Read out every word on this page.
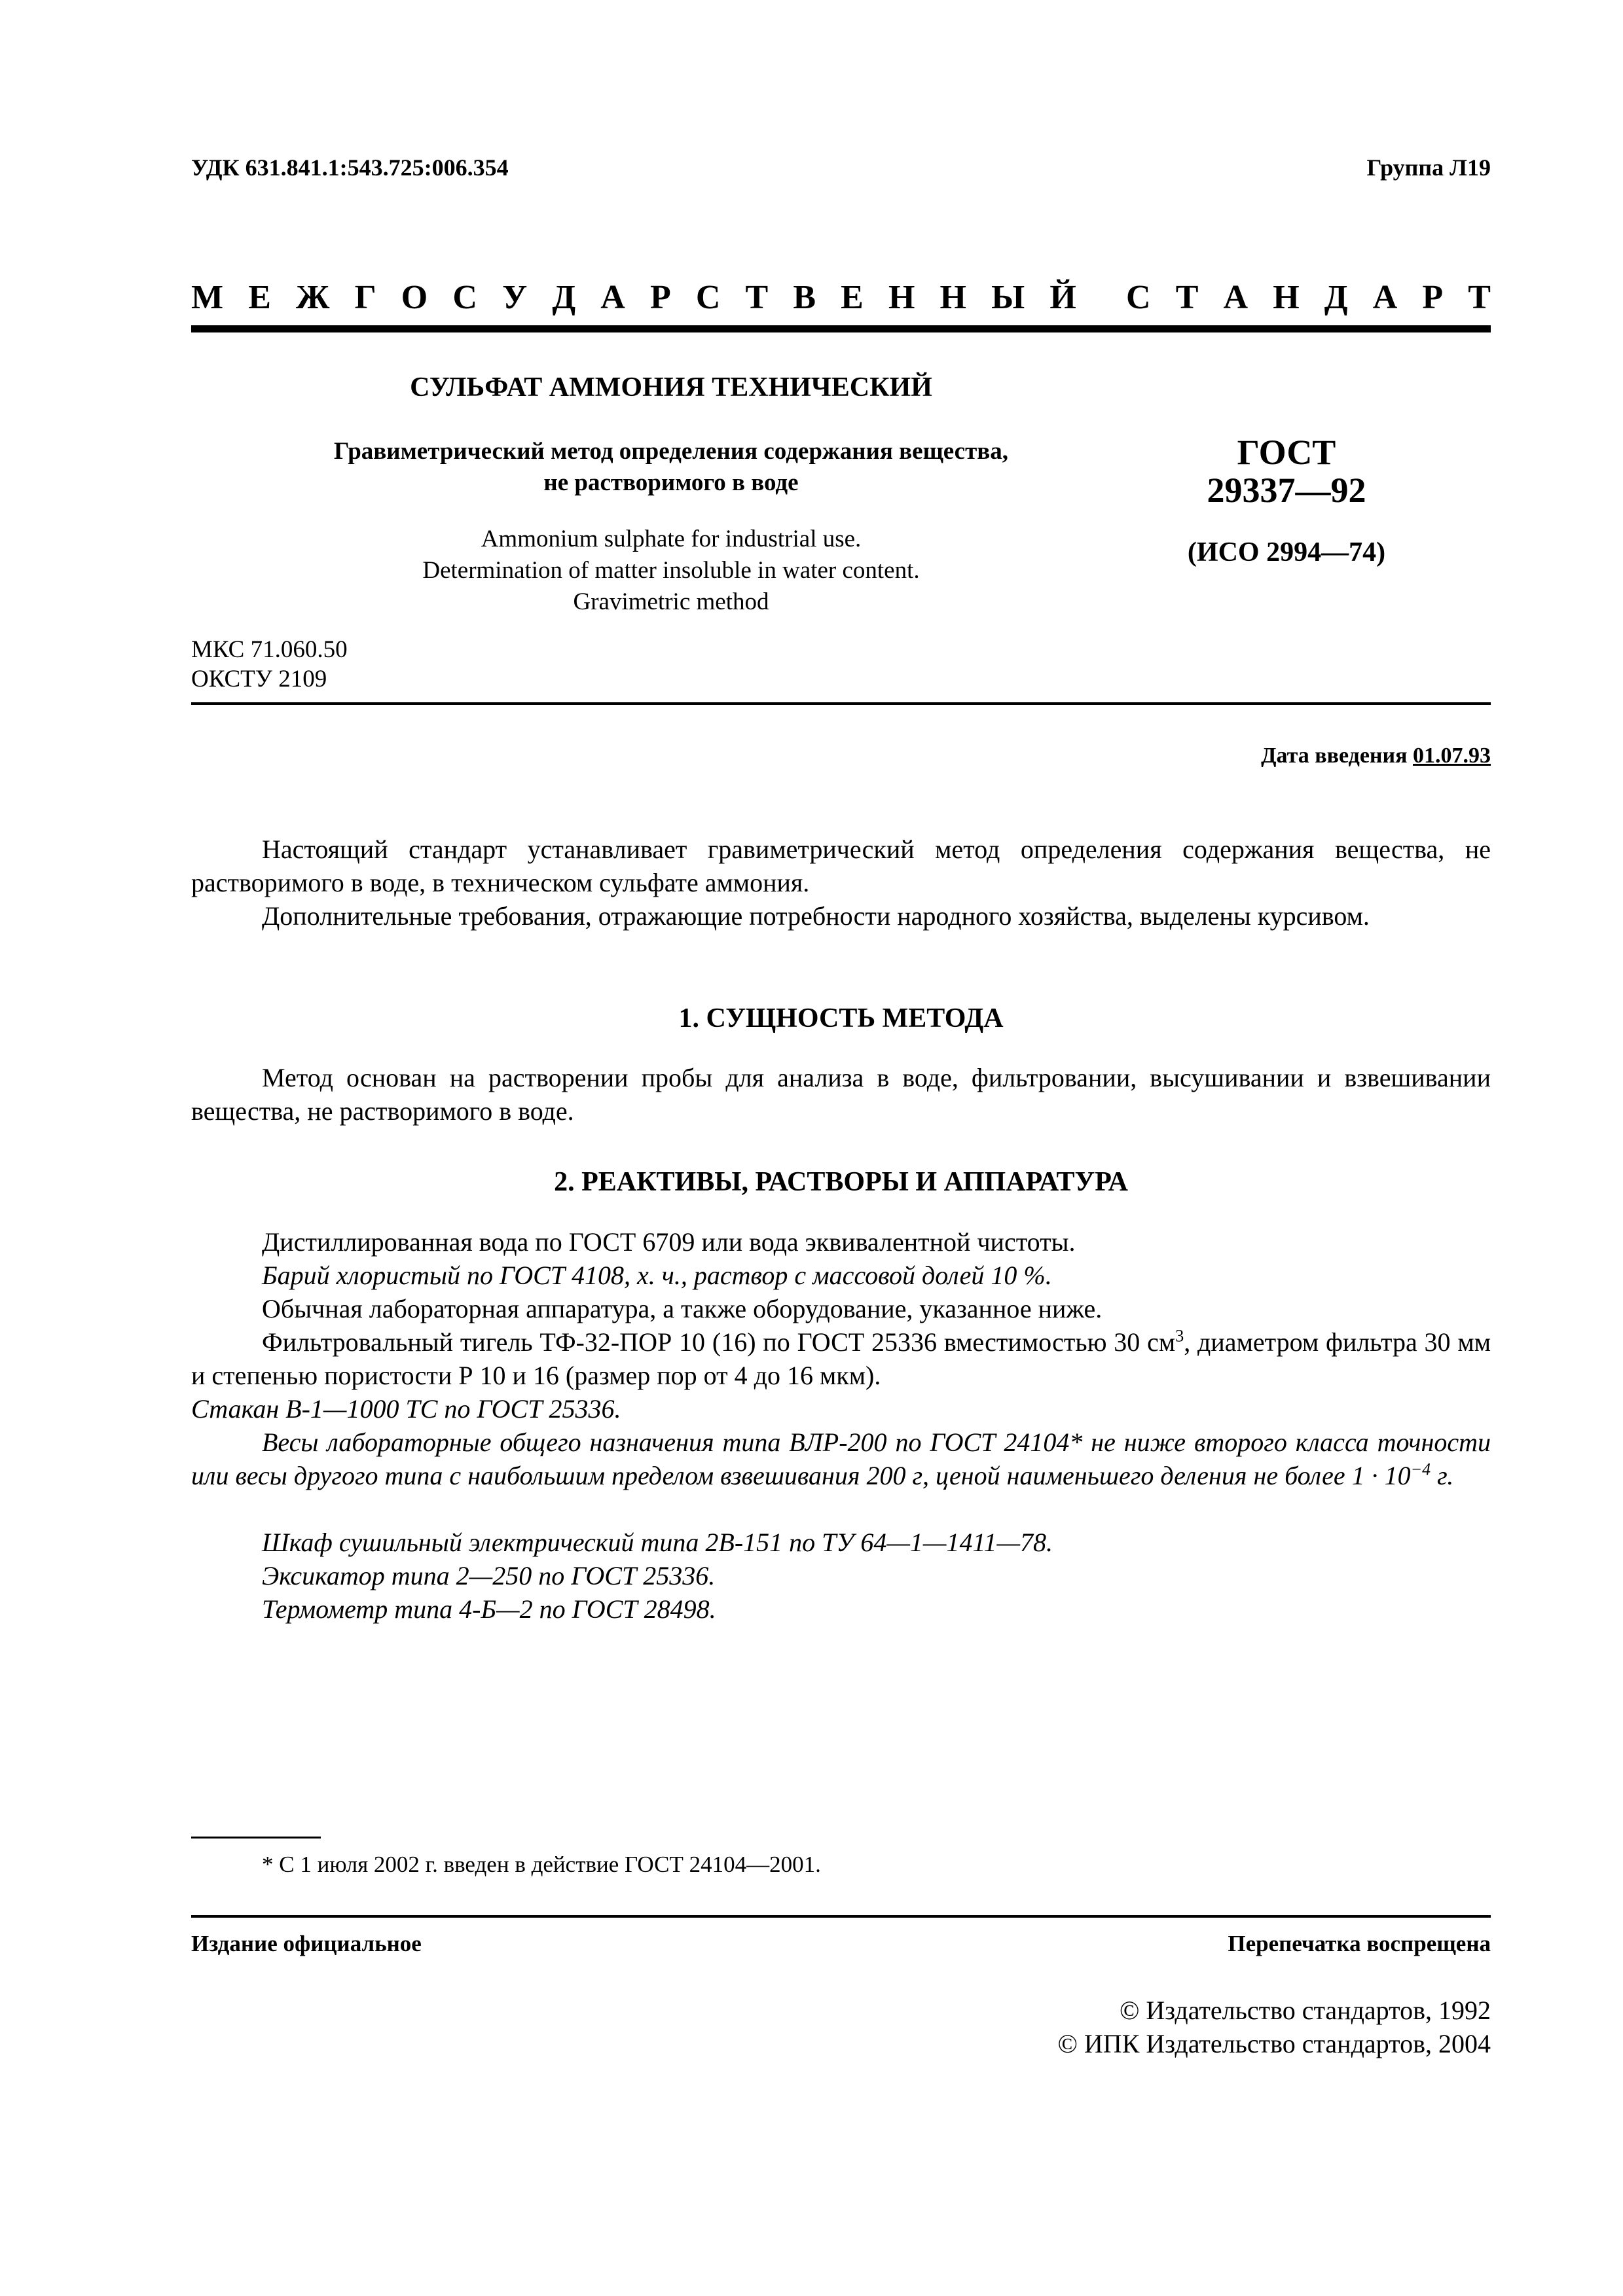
УДК 631.841.1:543.725:006.354	Группа Л19
М Е Ж Г О С У Д А Р С Т В Е Н Н Ы Й С Т А Н Д А Р Т
СУЛЬФАТ АММОНИЯ ТЕХНИЧЕСКИЙ
Гравиметрический метод определения содержания вещества,
не растворимого в воде
Ammonium sulphate for industrial use.
Determination of matter insoluble in water content.
Gravimetric method
ГОСТ
29337—92
(ИСО 2994—74)
МКС 71.060.50
ОКСТУ 2109
Дата введения 01.07.93
Настоящий стандарт устанавливает гравиметрический метод определения содержания вещества, не растворимого в воде, в техническом сульфате аммония.
Дополнительные требования, отражающие потребности народного хозяйства, выделены курсивом.
1. СУЩНОСТЬ МЕТОДА
Метод основан на растворении пробы для анализа в воде, фильтровании, высушивании и взвешивании вещества, не растворимого в воде.
2. РЕАКТИВЫ, РАСТВОРЫ И АППАРАТУРА
Дистиллированная вода по ГОСТ 6709 или вода эквивалентной чистоты.
Барий хлористый по ГОСТ 4108, х. ч., раствор с массовой долей 10 %.
Обычная лабораторная аппаратура, а также оборудование, указанное ниже.
Фильтровальный тигель ТФ-32-ПОР 10 (16) по ГОСТ 25336 вместимостью 30 $см^3$, диаметром фильтра 30 мм и степенью пористости Р 10 и 16 (размер пор от 4 до 16 мкм).
Стакан В-1—1000 ТС по ГОСТ 25336.
Весы лабораторные общего назначения типа ВЛР-200 по ГОСТ 24104* не ниже второго класса точности или весы другого типа с наибольшим пределом взвешивания 200 г, ценой наименьшего деления не более $1 \cdot 10^{-4}$ г.
Шкаф сушильный электрический типа 2В-151 по ТУ 64—1—1411—78.
Эксикатор типа 2—250 по ГОСТ 25336.
Термометр типа 4-Б—2 по ГОСТ 28498.
* С 1 июля 2002 г. введен в действие ГОСТ 24104—2001.
Издание официальное	Перепечатка воспрещена
© Издательство стандартов, 1992
© ИПК Издательство стандартов, 2004
